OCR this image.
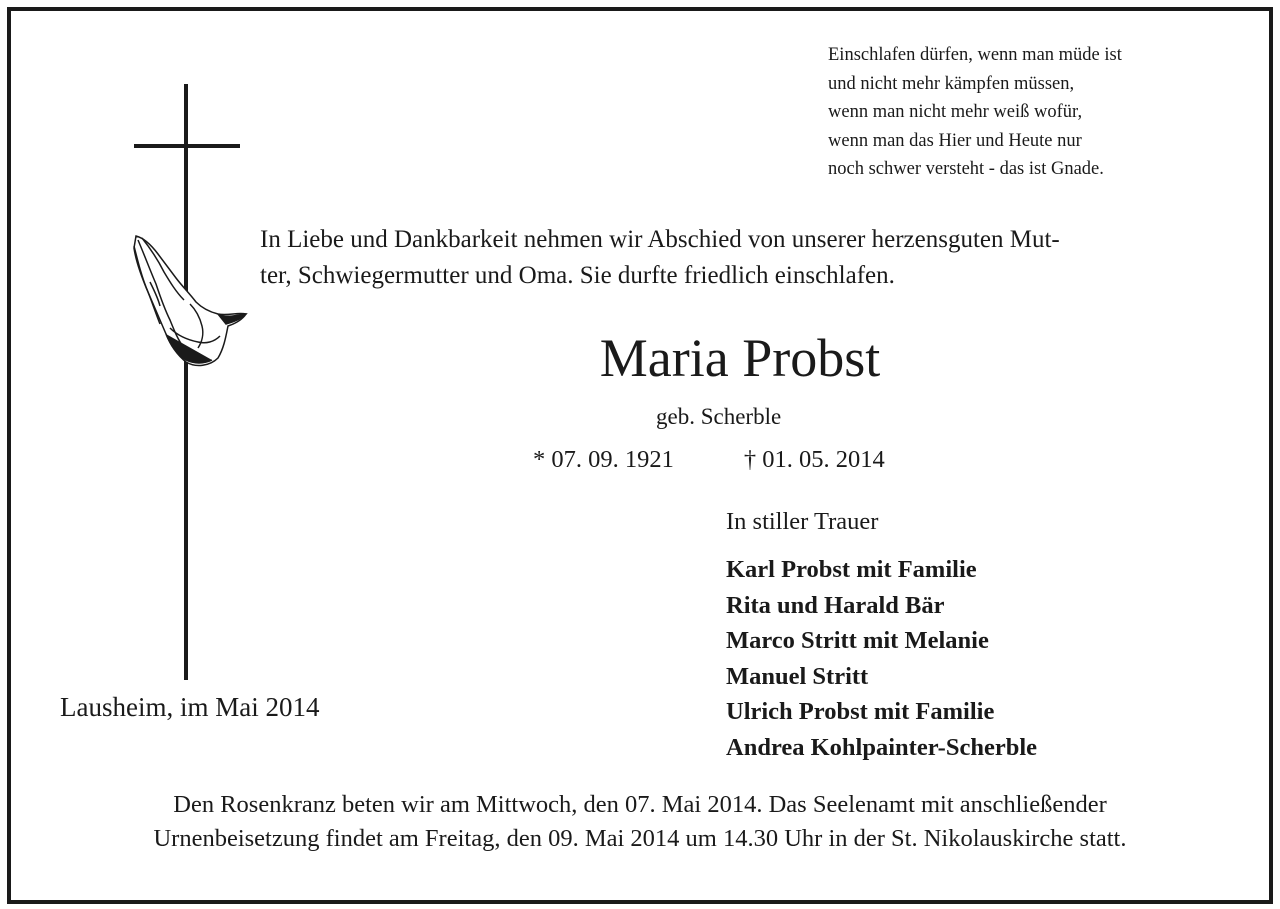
Einschlafen dürfen, wenn man müde ist
und nicht mehr kämpfen müssen,
wenn man nicht mehr weiß wofür,
wenn man das Hier und Heute nur
noch schwer versteht - das ist Gnade.
In Liebe und Dankbarkeit nehmen wir Abschied von unserer herzensguten Mut-
ter, Schwiegermutter und Oma. Sie durfte friedlich einschlafen.
Maria Probst
geb. Scherble
* 07. 09. 1921	† 01. 05. 2014
In stiller Trauer
Karl Probst mit Familie
Rita und Harald Bär
Marco Stritt mit Melanie
Manuel Stritt
Ulrich Probst mit Familie
Andrea Kohlpainter-Scherble
Lausheim, im Mai 2014
Den Rosenkranz beten wir am Mittwoch, den 07. Mai 2014. Das Seelenamt mit anschließender
Urnenbeisetzung findet am Freitag, den 09. Mai 2014 um 14.30 Uhr in der St. Nikolauskirche statt.
